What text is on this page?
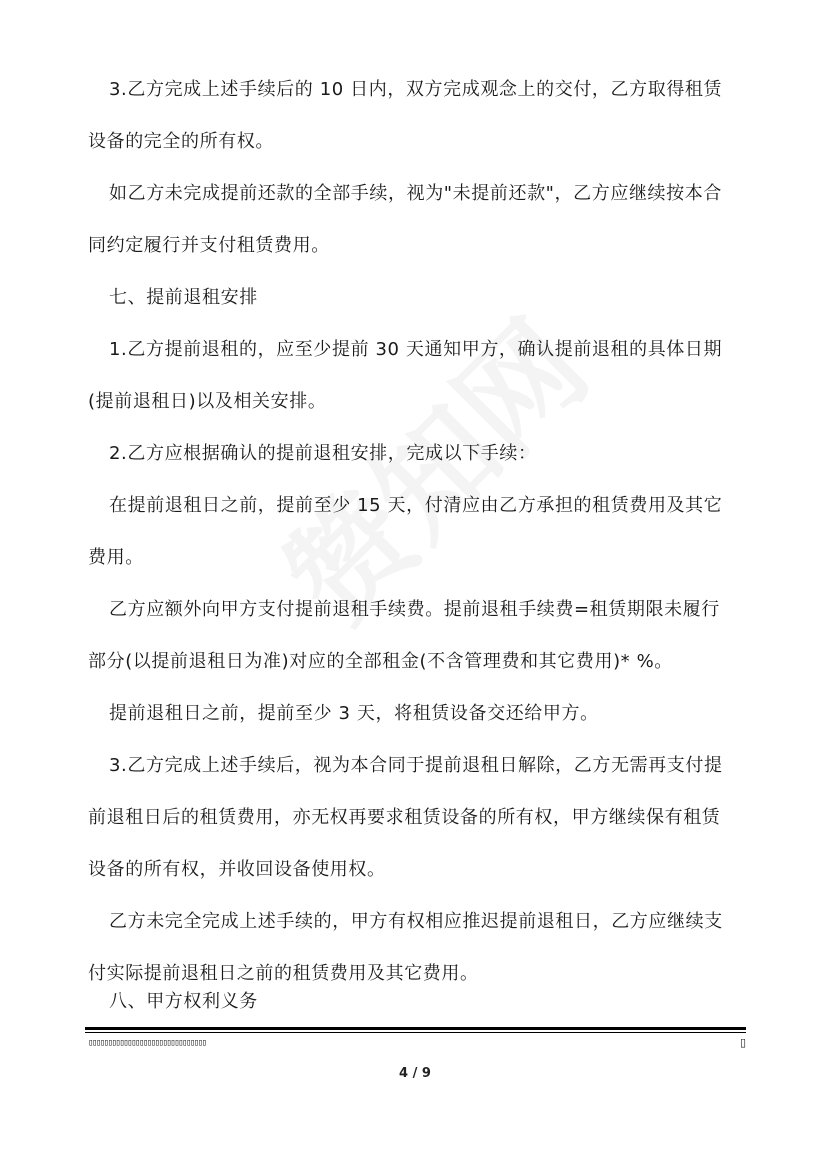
3.乙方完成上述手续后的 10 日内，双方完成观念上的交付，乙方取得租赁设备的完全的所有权。

如乙方未完成提前还款的全部手续，视为"未提前还款"，乙方应继续按本合同约定履行并支付租赁费用。

七、提前退租安排

1.乙方提前退租的，应至少提前 30 天通知甲方，确认提前退租的具体日期(提前退租日)以及相关安排。

2.乙方应根据确认的提前退租安排，完成以下手续：

在提前退租日之前，提前至少 15 天，付清应由乙方承担的租赁费用及其它费用。

乙方应额外向甲方支付提前退租手续费。提前退租手续费=租赁期限未履行部分(以提前退租日为准)对应的全部租金(不含管理费和其它费用)* %。

提前退租日之前，提前至少 3 天，将租赁设备交还给甲方。

3.乙方完成上述手续后，视为本合同于提前退租日解除，乙方无需再支付提前退租日后的租赁费用，亦无权再要求租赁设备的所有权，甲方继续保有租赁设备的所有权，并收回设备使用权。

乙方未完全完成上述手续的，甲方有权相应推迟提前退租日，乙方应继续支付实际提前退租日之前的租赁费用及其它费用。

八、甲方权利义务

▯▯▯▯▯▯▯▯▯▯▯▯▯▯▯▯▯▯▯▯▯▯▯▯▯▯▯▯▯▯	▯
4 / 9
